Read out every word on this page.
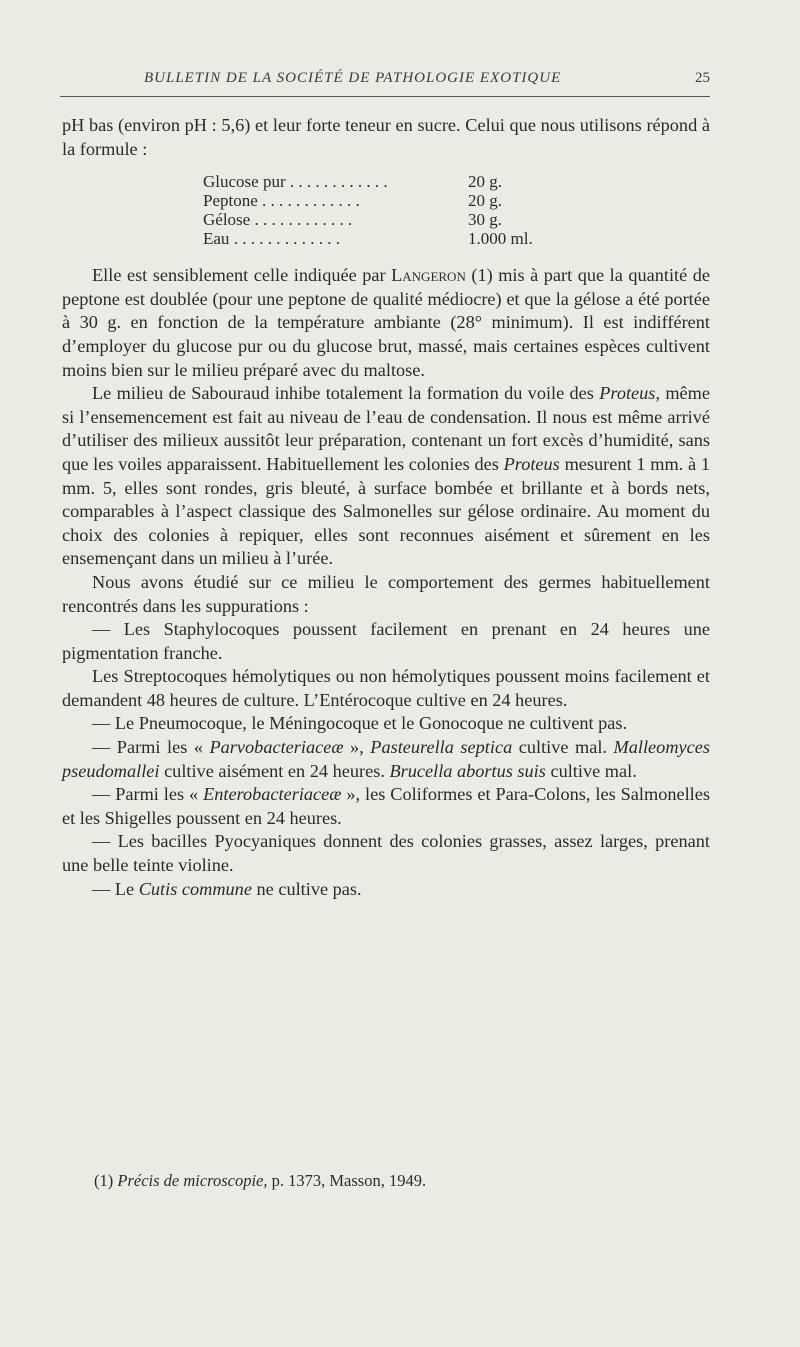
BULLETIN DE LA SOCIÉTÉ DE PATHOLOGIE EXOTIQUE	25

pH bas (environ pH : 5,6) et leur forte teneur en sucre. Celui que nous utilisons répond à la formule :

Glucose pur . . . . . . . . . . . .	20 g.
Peptone . . . . . . . . . . . .	20 g.
Gélose . . . . . . . . . . . .	30 g.
Eau . . . . . . . . . . . . .	1.000 ml.

Elle est sensiblement celle indiquée par Langeron (1) mis à part que la quantité de peptone est doublée (pour une peptone de qualité médiocre) et que la gélose a été portée à 30 g. en fonction de la température ambiante (28° minimum). Il est indifférent d’employer du glucose pur ou du glucose brut, massé, mais certaines espèces cultivent moins bien sur le milieu préparé avec du maltose.

Le milieu de Sabouraud inhibe totalement la formation du voile des Proteus, même si l’ensemencement est fait au niveau de l’eau de condensation. Il nous est même arrivé d’utiliser des milieux aussitôt leur préparation, contenant un fort excès d’humidité, sans que les voiles apparaissent. Habituellement les colonies des Proteus mesurent 1 mm. à 1 mm. 5, elles sont rondes, gris bleuté, à surface bombée et brillante et à bords nets, comparables à l’aspect classique des Salmonelles sur gélose ordinaire. Au moment du choix des colonies à repiquer, elles sont reconnues aisément et sûrement en les ensemençant dans un milieu à l’urée.

Nous avons étudié sur ce milieu le comportement des germes habituellement rencontrés dans les suppurations :

— Les Staphylocoques poussent facilement en prenant en 24 heures une pigmentation franche.

Les Streptocoques hémolytiques ou non hémolytiques poussent moins facilement et demandent 48 heures de culture. L’Entérocoque cultive en 24 heures.

— Le Pneumocoque, le Méningocoque et le Gonocoque ne cultivent pas.

— Parmi les « Parvobacteriaceæ », Pasteurella septica cultive mal. Malleomyces pseudomallei cultive aisément en 24 heures. Brucella abortus suis cultive mal.

— Parmi les « Enterobacteriaceæ », les Coliformes et Para-Colons, les Salmonelles et les Shigelles poussent en 24 heures.

— Les bacilles Pyocyaniques donnent des colonies grasses, assez larges, prenant une belle teinte violine.

— Le Cutis commune ne cultive pas.

(1) Précis de microscopie, p. 1373, Masson, 1949.
